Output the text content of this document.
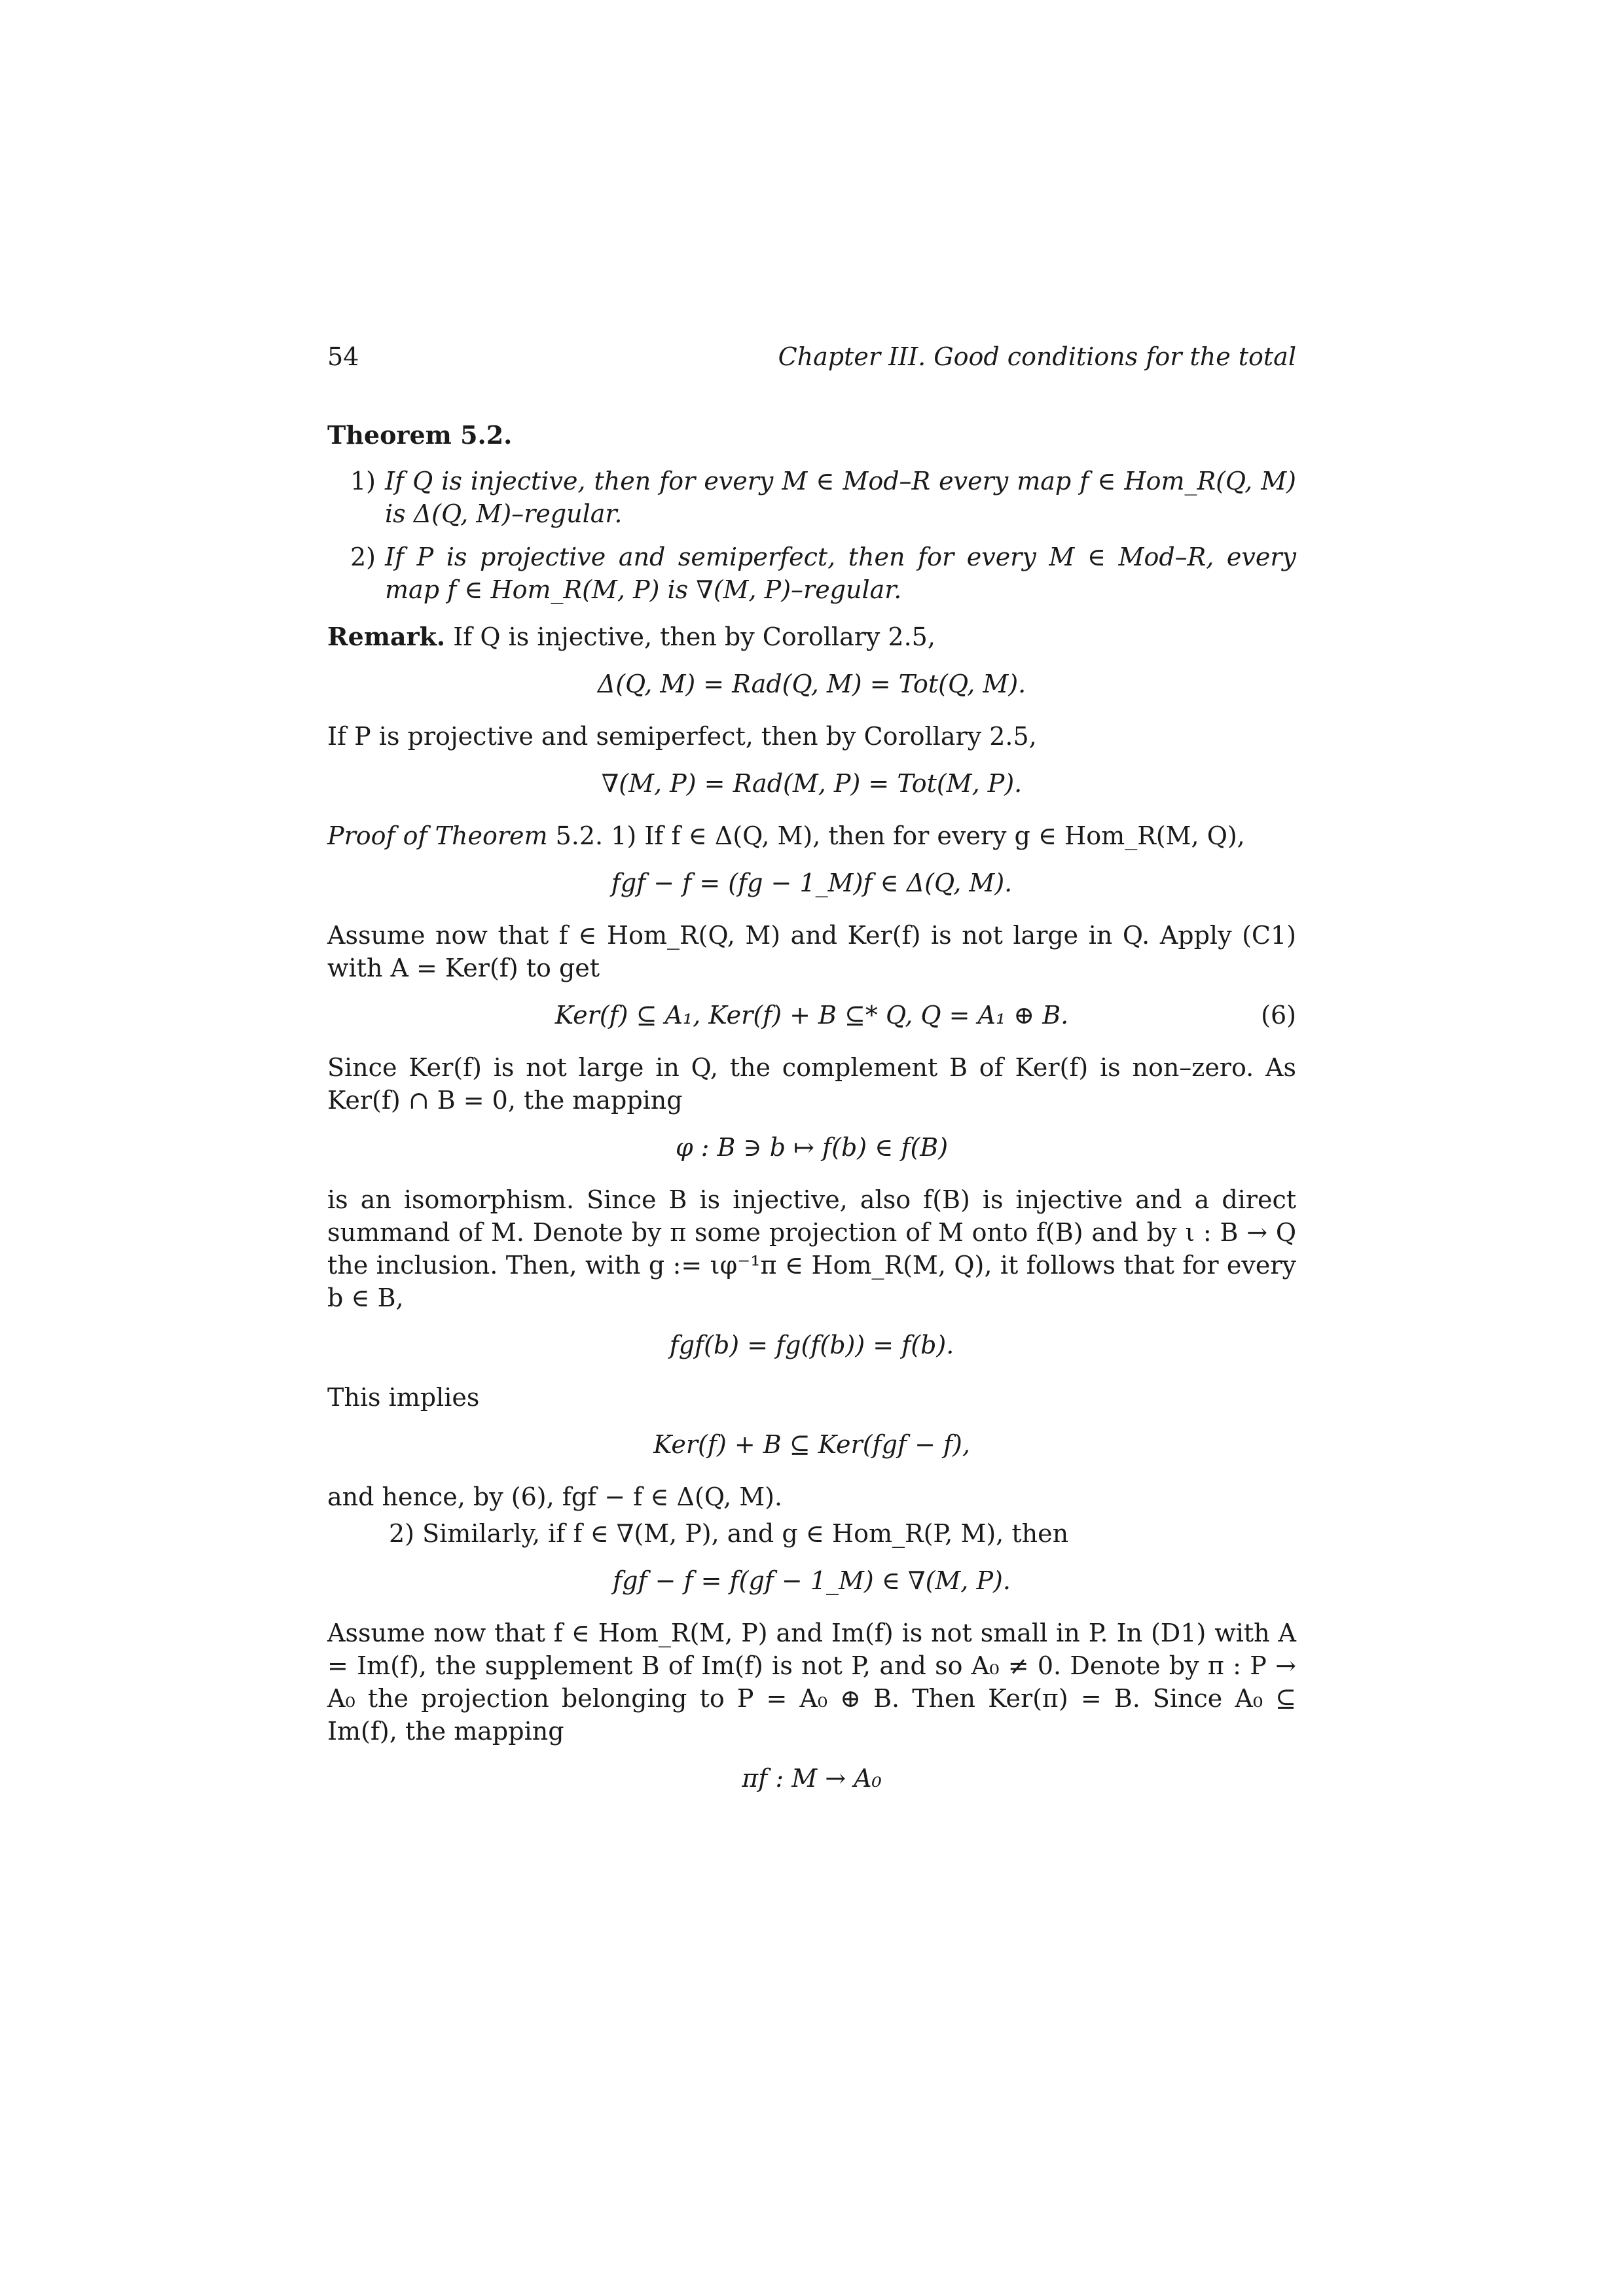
54	Chapter III. Good conditions for the total
Theorem 5.2.
1) If Q is injective, then for every M ∈ Mod–R every map f ∈ Hom_R(Q, M) is Δ(Q, M)–regular.
2) If P is projective and semiperfect, then for every M ∈ Mod–R, every map f ∈ Hom_R(M, P) is ∇(M, P)–regular.

Remark. If Q is injective, then by Corollary 2.5,

Δ(Q, M) = Rad(Q, M) = Tot(Q, M).

If P is projective and semiperfect, then by Corollary 2.5,

∇(M, P) = Rad(M, P) = Tot(M, P).

Proof of Theorem 5.2. 1) If f ∈ Δ(Q, M), then for every g ∈ Hom_R(M, Q),

fgf − f = (fg − 1_M)f ∈ Δ(Q, M).

Assume now that f ∈ Hom_R(Q, M) and Ker(f) is not large in Q. Apply (C1) with A = Ker(f) to get

Ker(f) ⊆ A₁, Ker(f) + B ⊆* Q, Q = A₁ ⊕ B.	(6)

Since Ker(f) is not large in Q, the complement B of Ker(f) is non–zero. As Ker(f) ∩ B = 0, the mapping

φ : B ∋ b ↦ f(b) ∈ f(B)

is an isomorphism. Since B is injective, also f(B) is injective and a direct summand of M. Denote by π some projection of M onto f(B) and by ι : B → Q the inclusion. Then, with g := ιφ⁻¹π ∈ Hom_R(M, Q), it follows that for every b ∈ B,

fgf(b) = fg(f(b)) = f(b).

This implies

Ker(f) + B ⊆ Ker(fgf − f),

and hence, by (6), fgf − f ∈ Δ(Q, M).

2) Similarly, if f ∈ ∇(M, P), and g ∈ Hom_R(P, M), then

fgf − f = f(gf − 1_M) ∈ ∇(M, P).

Assume now that f ∈ Hom_R(M, P) and Im(f) is not small in P. In (D1) with A = Im(f), the supplement B of Im(f) is not P, and so A₀ ≠ 0. Denote by π : P → A₀ the projection belonging to P = A₀ ⊕ B. Then Ker(π) = B. Since A₀ ⊆ Im(f), the mapping

πf : M → A₀
